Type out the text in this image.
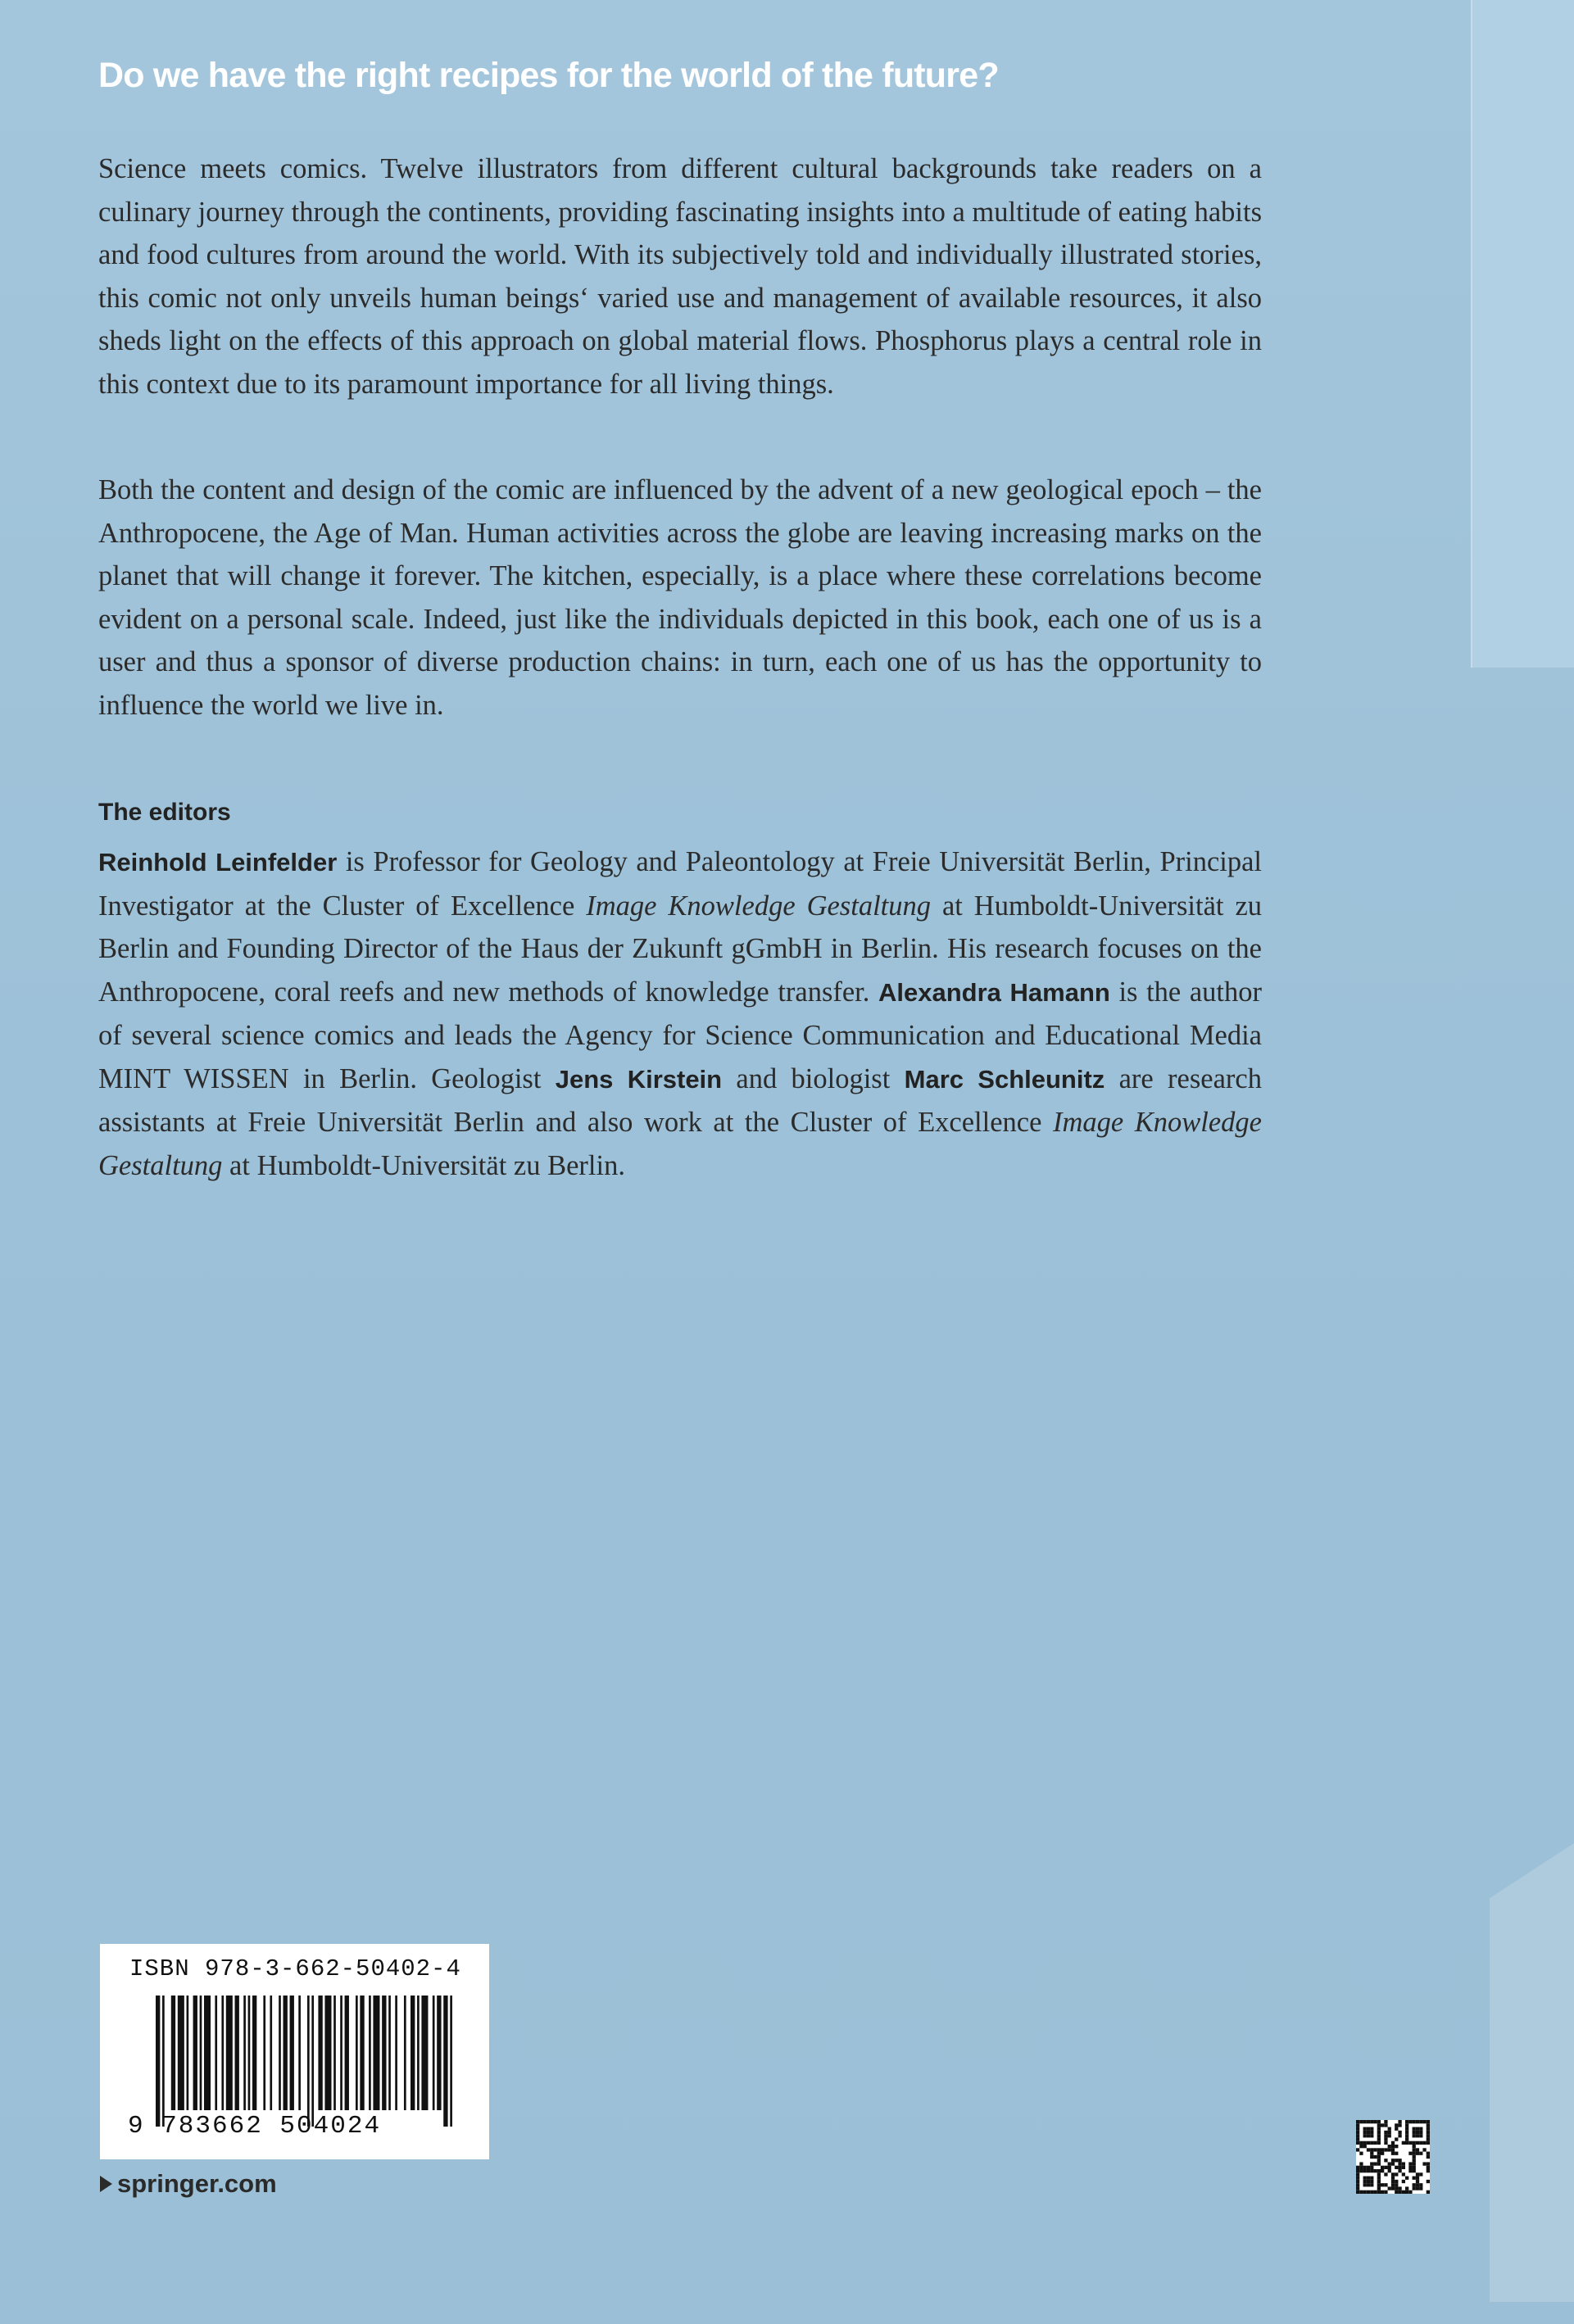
Do we have the right recipes for the world of the future?

Science meets comics. Twelve illustrators from different cultural backgrounds take readers on a culinary journey through the continents, providing fascinating insights into a multitude of eating habits and food cultures from around the world. With its subjectively told and individually illustrated stories, this comic not only unveils human beings‘ varied use and management of available resources, it also sheds light on the effects of this approach on global material flows. Phosphorus plays a central role in this context due to its paramount importance for all living things.

Both the content and design of the comic are influenced by the advent of a new geological epoch – the Anthropocene, the Age of Man. Human activities across the globe are leaving increasing marks on the planet that will change it forever. The kitchen, especially, is a place where these correlations become evident on a personal scale. Indeed, just like the individuals depicted in this book, each one of us is a user and thus a sponsor of diverse production chains: in turn, each one of us has the opportunity to influence the world we live in.

The editors

Reinhold Leinfelder is Professor for Geology and Paleontology at Freie Universität Berlin, Principal Investigator at the Cluster of Excellence Image Knowledge Gestaltung at Humboldt-Universität zu Berlin and Founding Director of the Haus der Zukunft gGmbH in Berlin. His research focuses on the Anthropocene, coral reefs and new methods of knowledge transfer. Alexandra Hamann is the author of several science comics and leads the Agency for Science Communication and Educational Media MINT WISSEN in Berlin. Geologist Jens Kirstein and biologist Marc Schleunitz are research assistants at Freie Universität Berlin and also work at the Cluster of Excellence Image Knowledge Gestaltung at Humboldt-Universität zu Berlin.

ISBN 978-3-662-50402-4
9 783662 504024
springer.com
